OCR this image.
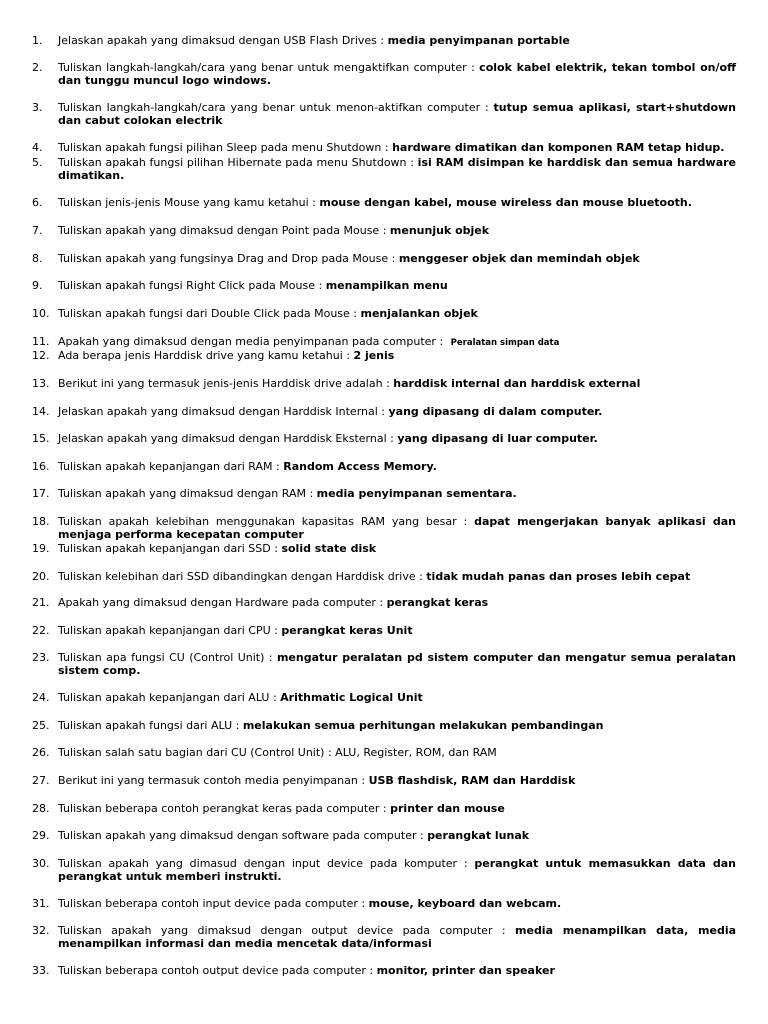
1. Jelaskan apakah yang dimaksud dengan USB Flash Drives : media penyimpanan portable
2. Tuliskan langkah-langkah/cara yang benar untuk mengaktifkan computer : colok kabel elektrik, tekan tombol on/off dan tunggu muncul logo windows.
3. Tuliskan langkah-langkah/cara yang benar untuk menon-aktifkan computer : tutup semua aplikasi, start+shutdown dan cabut colokan electrik
4. Tuliskan apakah fungsi pilihan Sleep pada menu Shutdown : hardware dimatikan dan komponen RAM tetap hidup.
5. Tuliskan apakah fungsi pilihan Hibernate pada menu Shutdown : isi RAM disimpan ke harddisk dan semua hardware dimatikan.
6. Tuliskan jenis-jenis Mouse yang kamu ketahui : mouse dengan kabel, mouse wireless dan mouse bluetooth.
7. Tuliskan apakah yang dimaksud dengan Point pada Mouse : menunjuk objek
8. Tuliskan apakah yang fungsinya Drag and Drop pada Mouse : menggeser objek dan memindah objek
9. Tuliskan apakah fungsi Right Click pada Mouse : menampilkan menu
10. Tuliskan apakah fungsi dari Double Click pada Mouse : menjalankan objek
11. Apakah yang dimaksud dengan media penyimpanan pada computer : Peralatan simpan data
12. Ada berapa jenis Harddisk drive yang kamu ketahui : 2 jenis
13. Berikut ini yang termasuk jenis-jenis Harddisk drive adalah : harddisk internal dan harddisk external
14. Jelaskan apakah yang dimaksud dengan Harddisk Internal : yang dipasang di dalam computer.
15. Jelaskan apakah yang dimaksud dengan Harddisk Eksternal : yang dipasang di luar computer.
16. Tuliskan apakah kepanjangan dari RAM : Random Access Memory.
17. Tuliskan apakah yang dimaksud dengan RAM : media penyimpanan sementara.
18. Tuliskan apakah kelebihan menggunakan kapasitas RAM yang besar : dapat mengerjakan banyak aplikasi dan menjaga performa kecepatan computer
19. Tuliskan apakah kepanjangan dari SSD : solid state disk
20. Tuliskan kelebihan dari SSD dibandingkan dengan Harddisk drive : tidak mudah panas dan proses lebih cepat
21. Apakah yang dimaksud dengan Hardware pada computer : perangkat keras
22. Tuliskan apakah kepanjangan dari CPU : perangkat keras Unit
23. Tuliskan apa fungsi CU (Control Unit) : mengatur peralatan pd sistem computer dan mengatur semua peralatan sistem comp.
24. Tuliskan apakah kepanjangan dari ALU : Arithmatic Logical Unit
25. Tuliskan apakah fungsi dari ALU : melakukan semua perhitungan melakukan pembandingan
26. Tuliskan salah satu bagian dari CU (Control Unit) : ALU, Register, ROM, dan RAM
27. Berikut ini yang termasuk contoh media penyimpanan : USB flashdisk, RAM dan Harddisk
28. Tuliskan beberapa contoh perangkat keras pada computer : printer dan mouse
29. Tuliskan apakah yang dimaksud dengan software pada computer : perangkat lunak
30. Tuliskan apakah yang dimasud dengan input device pada komputer : perangkat untuk memasukkan data dan perangkat untuk memberi instrukti.
31. Tuliskan beberapa contoh input device pada computer : mouse, keyboard dan webcam.
32. Tuliskan apakah yang dimaksud dengan output device pada computer : media menampilkan data, media menampilkan informasi dan media mencetak data/informasi
33. Tuliskan beberapa contoh output device pada computer : monitor, printer dan speaker
